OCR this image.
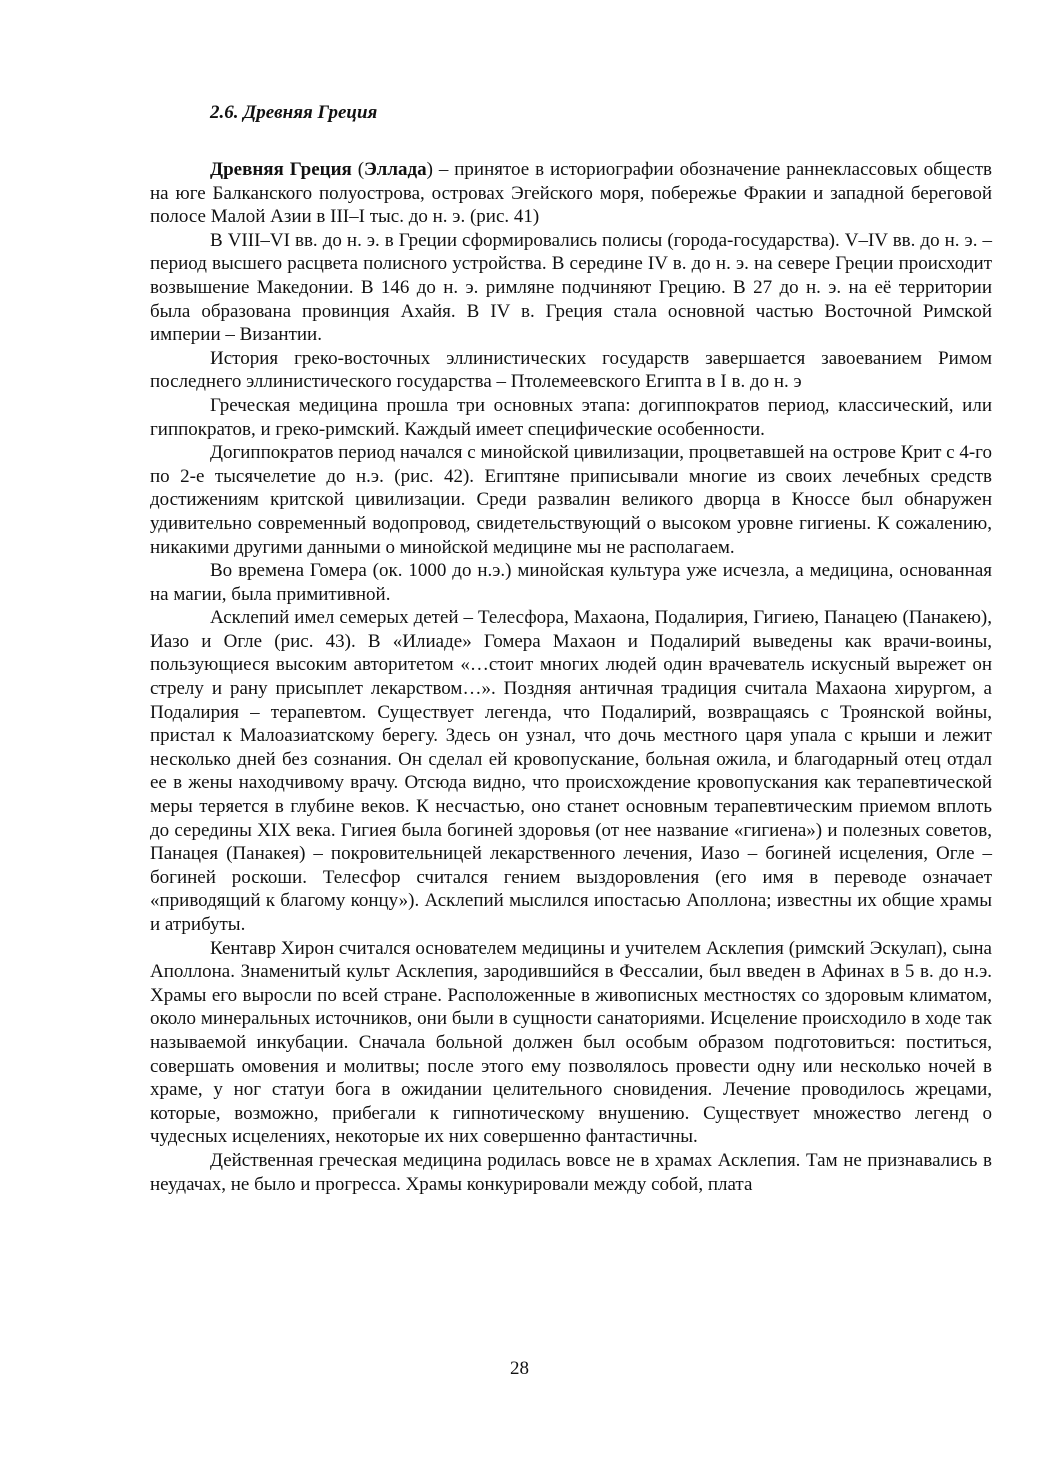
2.6. Древняя Греция

Древняя Греция (Эллада) – принятое в историографии обозначение раннеклассовых обществ на юге Балканского полуострова, островах Эгейского моря, побережье Фракии и западной береговой полосе Малой Азии в III–I тыс. до н. э. (рис. 41)

В VIII–VI вв. до н. э. в Греции сформировались полисы (города-государства). V–IV вв. до н. э. – период высшего расцвета полисного устройства. В середине IV в. до н. э. на севере Греции происходит возвышение Македонии. В 146 до н. э. римляне подчиняют Грецию. В 27 до н. э. на её территории была образована провинция Ахайя. В IV в. Греция стала основной частью Восточной Римской империи – Византии.

История греко-восточных эллинистических государств завершается завоеванием Римом последнего эллинистического государства – Птолемеевского Египта в I в. до н. э

Греческая медицина прошла три основных этапа: догиппократов период, классический, или гиппократов, и греко-римский. Каждый имеет специфические особенности.

Догиппократов период начался с минойской цивилизации, процветавшей на острове Крит с 4-го по 2-е тысячелетие до н.э. (рис. 42). Египтяне приписывали многие из своих лечебных средств достижениям критской цивилизации. Среди развалин великого дворца в Кноссе был обнаружен удивительно современный водопровод, свидетельствующий о высоком уровне гигиены. К сожалению, никакими другими данными о минойской медицине мы не располагаем.

Во времена Гомера (ок. 1000 до н.э.) минойская культура уже исчезла, а медицина, основанная на магии, была примитивной.

Асклепий имел семерых детей – Телесфора, Махаона, Подалирия, Гигиею, Панацею (Панакею), Иазо и Огле (рис. 43). В «Илиаде» Гомера Махаон и Подалирий выведены как врачи-воины, пользующиеся высоким авторитетом «…стоит многих людей один врачеватель искусный вырежет он стрелу и рану присыплет лекарством…». Поздняя античная традиция считала Махаона хирургом, а Подалирия – терапевтом. Существует легенда, что Подалирий, возвращаясь с Троянской войны, пристал к Малоазиатскому берегу. Здесь он узнал, что дочь местного царя упала с крыши и лежит несколько дней без сознания. Он сделал ей кровопускание, больная ожила, и благодарный отец отдал ее в жены находчивому врачу. Отсюда видно, что происхождение кровопускания как терапевтической меры теряется в глубине веков. К несчастью, оно станет основным терапевтическим приемом вплоть до середины XIX века. Гигиея была богиней здоровья (от нее название «гигиена») и полезных советов, Панацея (Панакея) – покровительницей лекарственного лечения, Иазо – богиней исцеления, Огле – богиней роскоши. Телесфор считался гением выздоровления (его имя в переводе означает «приводящий к благому концу»). Асклепий мыслился ипостасью Аполлона; известны их общие храмы и атрибуты.

Кентавр Хирон считался основателем медицины и учителем Асклепия (римский Эскулап), сына Аполлона. Знаменитый культ Асклепия, зародившийся в Фессалии, был введен в Афинах в 5 в. до н.э. Храмы его выросли по всей стране. Расположенные в живописных местностях со здоровым климатом, около минеральных источников, они были в сущности санаториями. Исцеление происходило в ходе так называемой инкубации. Сначала больной должен был особым образом подготовиться: поститься, совершать омовения и молитвы; после этого ему позволялось провести одну или несколько ночей в храме, у ног статуи бога в ожидании целительного сновидения. Лечение проводилось жрецами, которые, возможно, прибегали к гипнотическому внушению. Существует множество легенд о чудесных исцелениях, некоторые их них совершенно фантастичны.

Действенная греческая медицина родилась вовсе не в храмах Асклепия. Там не признавались в неудачах, не было и прогресса. Храмы конкурировали между собой, плата

28
